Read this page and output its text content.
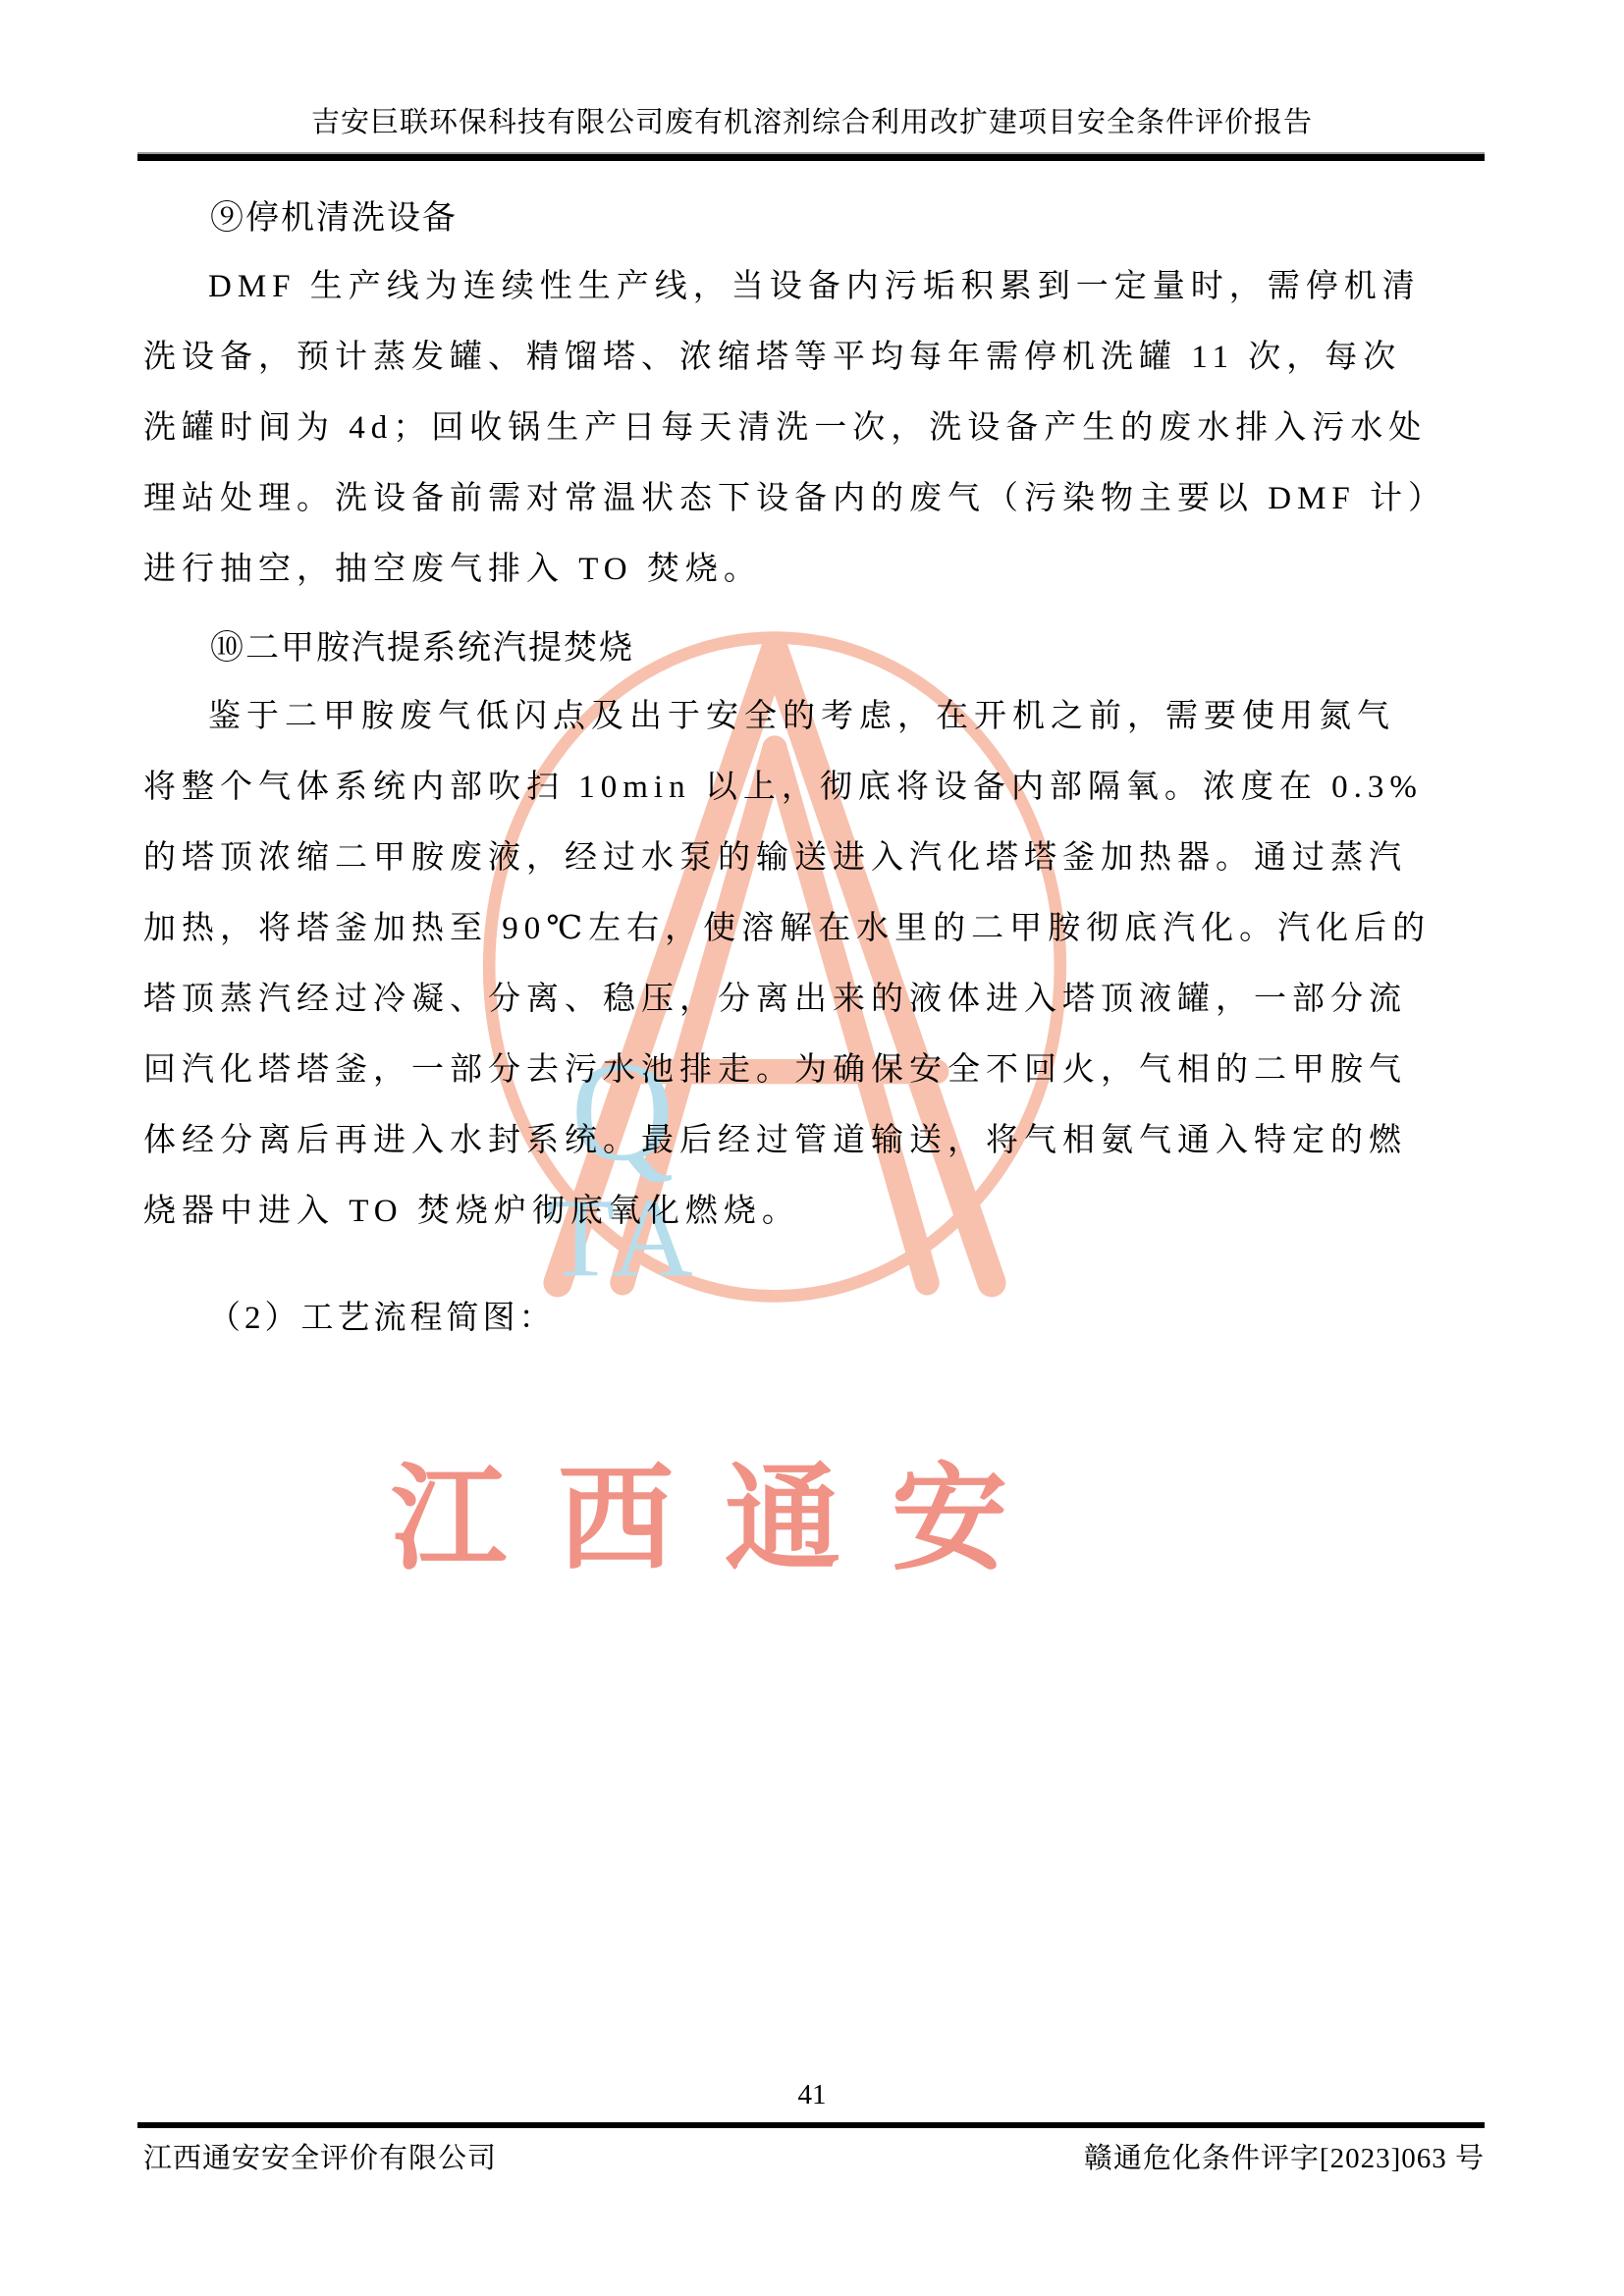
Q
TA
江西通安
吉安巨联环保科技有限公司废有机溶剂综合利用改扩建项目安全条件评价报告
⑨停机清洗设备
DMF 生产线为连续性生产线，当设备内污垢积累到一定量时，需停机清
洗设备，预计蒸发罐、精馏塔、浓缩塔等平均每年需停机洗罐 11 次，每次
洗罐时间为 4d；回收锅生产日每天清洗一次，洗设备产生的废水排入污水处
理站处理。洗设备前需对常温状态下设备内的废气（污染物主要以 DMF 计）
进行抽空，抽空废气排入 TO 焚烧。
⑩二甲胺汽提系统汽提焚烧
鉴于二甲胺废气低闪点及出于安全的考虑，在开机之前，需要使用氮气
将整个气体系统内部吹扫 10min 以上，彻底将设备内部隔氧。浓度在 0.3%
的塔顶浓缩二甲胺废液，经过水泵的输送进入汽化塔塔釜加热器。通过蒸汽
加热，将塔釜加热至 90℃左右，使溶解在水里的二甲胺彻底汽化。汽化后的
塔顶蒸汽经过冷凝、分离、稳压，分离出来的液体进入塔顶液罐，一部分流
回汽化塔塔釜，一部分去污水池排走。为确保安全不回火，气相的二甲胺气
体经分离后再进入水封系统。最后经过管道输送，将气相氨气通入特定的燃
烧器中进入 TO 焚烧炉彻底氧化燃烧。
（2）工艺流程简图：
41
江西通安安全评价有限公司	赣通危化条件评字[2023]063 号
